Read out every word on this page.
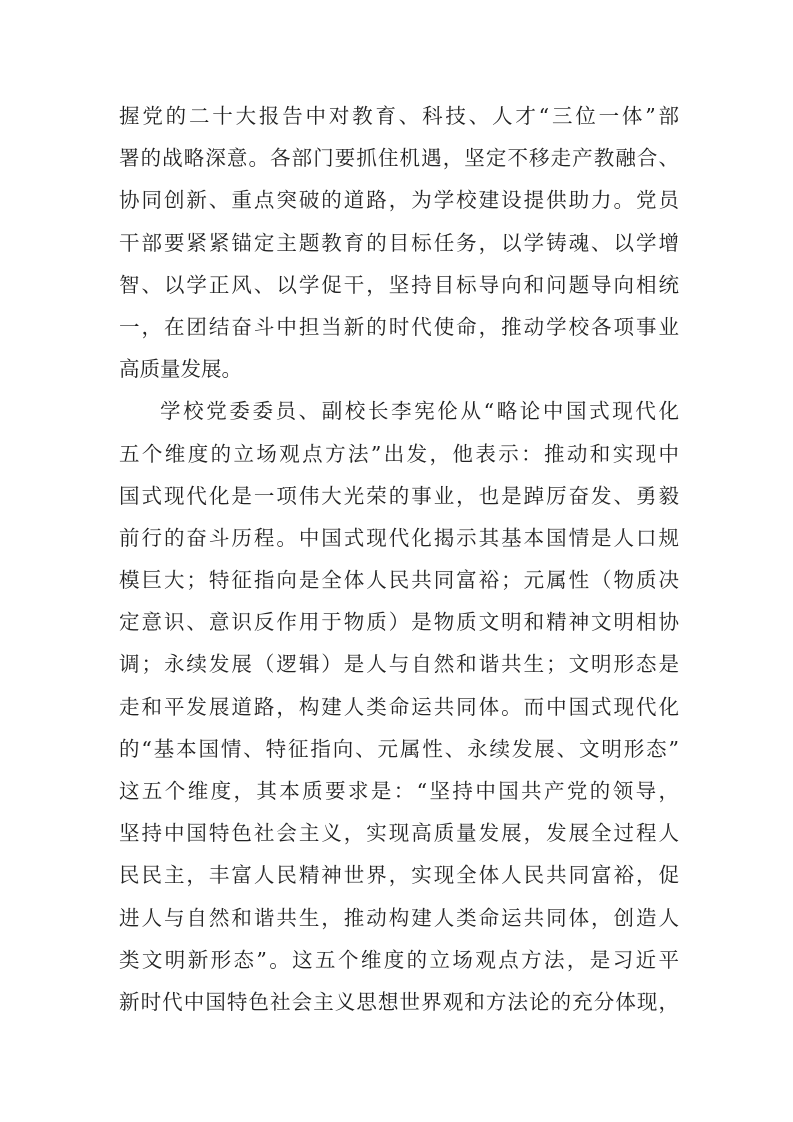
握党的二十大报告中对教育、科技、人才“三位一体”部
署的战略深意。各部门要抓住机遇，坚定不移走产教融合、
协同创新、重点突破的道路，为学校建设提供助力。党员
干部要紧紧锚定主题教育的目标任务，以学铸魂、以学增
智、以学正风、以学促干，坚持目标导向和问题导向相统
一，在团结奋斗中担当新的时代使命，推动学校各项事业
高质量发展。
学校党委委员、副校长李宪伦从“略论中国式现代化
五个维度的立场观点方法”出发，他表示：推动和实现中
国式现代化是一项伟大光荣的事业，也是踔厉奋发、勇毅
前行的奋斗历程。中国式现代化揭示其基本国情是人口规
模巨大；特征指向是全体人民共同富裕；元属性（物质决
定意识、意识反作用于物质）是物质文明和精神文明相协
调；永续发展（逻辑）是人与自然和谐共生；文明形态是
走和平发展道路，构建人类命运共同体。而中国式现代化
的“基本国情、特征指向、元属性、永续发展、文明形态”
这五个维度，其本质要求是：“坚持中国共产党的领导，
坚持中国特色社会主义，实现高质量发展，发展全过程人
民民主，丰富人民精神世界，实现全体人民共同富裕，促
进人与自然和谐共生，推动构建人类命运共同体，创造人
类文明新形态”。这五个维度的立场观点方法，是习近平
新时代中国特色社会主义思想世界观和方法论的充分体现，
